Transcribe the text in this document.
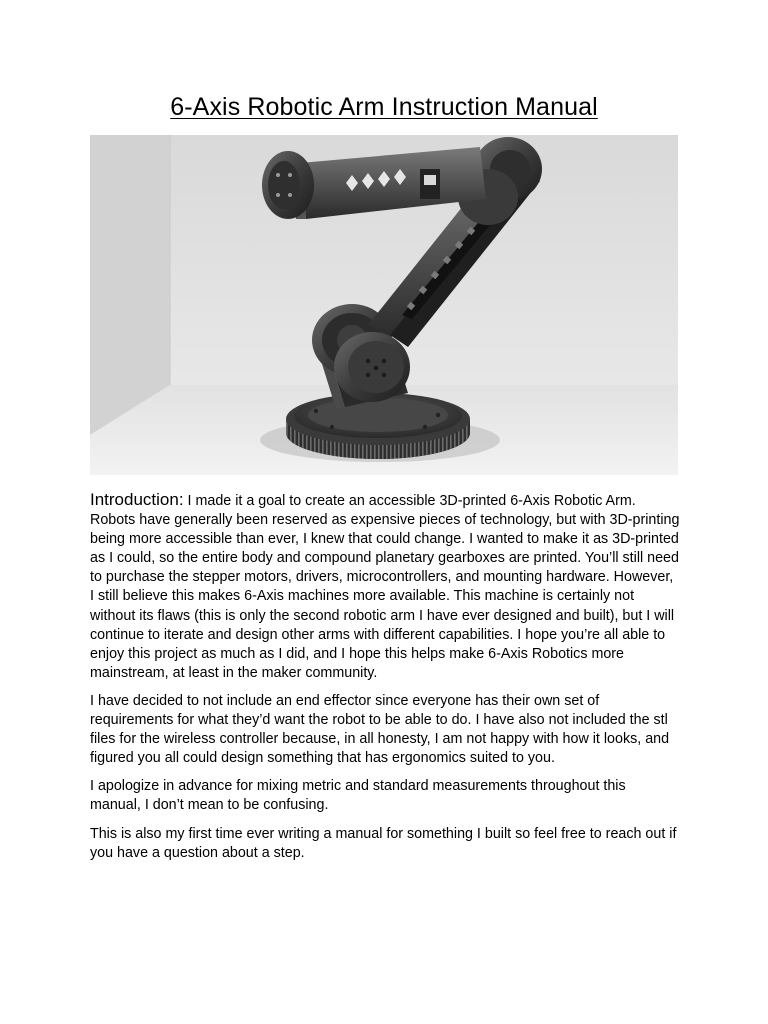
6-Axis Robotic Arm Instruction Manual

Introduction: I made it a goal to create an accessible 3D-printed 6-Axis Robotic Arm. Robots have generally been reserved as expensive pieces of technology, but with 3D-printing being more accessible than ever, I knew that could change. I wanted to make it as 3D-printed as I could, so the entire body and compound planetary gearboxes are printed. You’ll still need to purchase the stepper motors, drivers, microcontrollers, and mounting hardware. However, I still believe this makes 6-Axis machines more available. This machine is certainly not without its flaws (this is only the second robotic arm I have ever designed and built), but I will continue to iterate and design other arms with different capabilities. I hope you’re all able to enjoy this project as much as I did, and I hope this helps make 6-Axis Robotics more mainstream, at least in the maker community.

I have decided to not include an end effector since everyone has their own set of requirements for what they’d want the robot to be able to do. I have also not included the stl files for the wireless controller because, in all honesty, I am not happy with how it looks, and figured you all could design something that has ergonomics suited to you.

I apologize in advance for mixing metric and standard measurements throughout this manual, I don’t mean to be confusing.

This is also my first time ever writing a manual for something I built so feel free to reach out if you have a question about a step.
